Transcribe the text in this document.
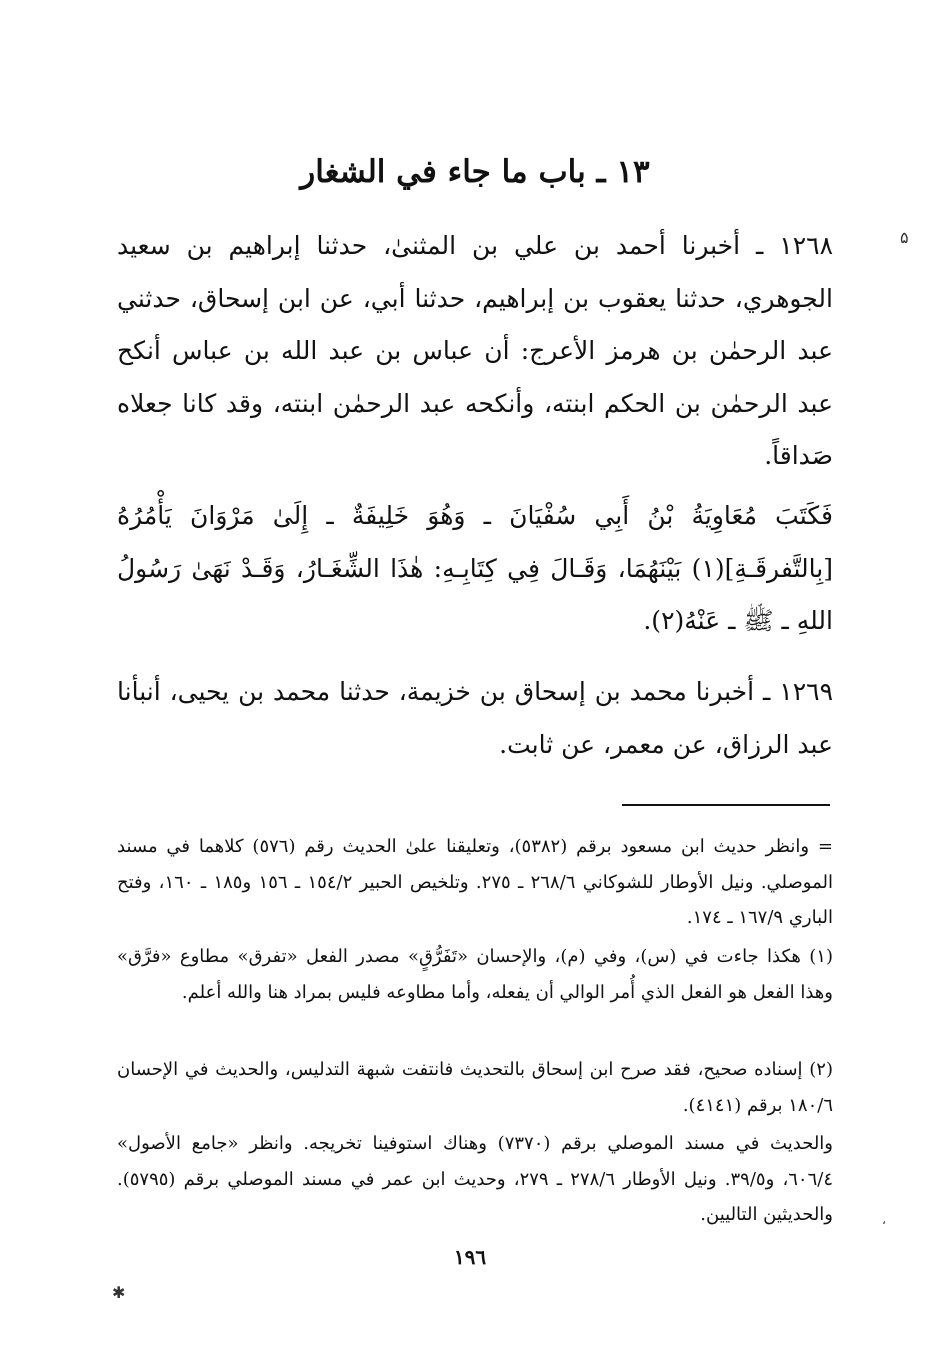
۵
١٣ ـ باب ما جاء في الشغار

١٢٦٨ ـ أخبرنا أحمد بن علي بن المثنىٰ، حدثنا إبراهيم بن سعيد الجوهري، حدثنا يعقوب بن إبراهيم، حدثنا أبي، عن ابن إسحاق، حدثني عبد الرحمٰن بن هرمز الأعرج: أن عباس بن عبد الله بن عباس أنكح عبد الرحمٰن بن الحكم ابنته، وأنكحه عبد الرحمٰن ابنته، وقد كانا جعلاه صَداقاً.

فَكَتَبَ مُعَاوِيَةُ بْنُ أَبِي سُفْيَانَ ـ وَهُوَ خَلِيفَةٌ ـ إِلَىٰ مَرْوَانَ يَأْمُرُهُ [بِالتَّفرقَـةِ](١) بَيْنَهُمَا، وَقَـالَ فِي كِتَابِـهِ: هٰذَا الشِّغَـارُ، وَقَـدْ نَهَىٰ رَسُولُ اللهِ ـ ﷺ ـ عَنْهُ(٢).

١٢٦٩ ـ أخبرنا محمد بن إسحاق بن خزيمة، حدثنا محمد بن يحيى، أنبأنا عبد الرزاق، عن معمر، عن ثابت.

= وانظر حديث ابن مسعود برقم (٥٣٨٢)، وتعليقنا علىٰ الحديث رقم (٥٧٦) كلاهما في مسند الموصلي. ونيل الأوطار للشوكاني ٢٦٨/٦ ـ ٢٧٥. وتلخيص الحبير ١٥٤/٢ ـ ١٥٦ و١٨٥ ـ ١٦٠، وفتح الباري ١٦٧/٩ ـ ١٧٤.

(١) هكذا جاءت في (س)، وفي (م)، والإحسان «تَفَرُّقٍ» مصدر الفعل «تفرق» مطاوع «فرَّق» وهذا الفعل هو الفعل الذي أُمر الوالي أن يفعله، وأما مطاوعه فليس بمراد هنا والله أعلم.

(٢) إسناده صحيح، فقد صرح ابن إسحاق بالتحديث فانتفت شبهة التدليس، والحديث في الإحسان ١٨٠/٦ برقم (٤١٤١).

والحديث في مسند الموصلي برقم (٧٣٧٠) وهناك استوفينا تخريجه. وانظر «جامع الأصول» ٦٠٦/٤، و٣٩/٥. ونيل الأوطار ٢٧٨/٦ ـ ٢٧٩، وحديث ابن عمر في مسند الموصلي برقم (٥٧٩٥). والحديثين التاليين.	،
١٩٦
✱
